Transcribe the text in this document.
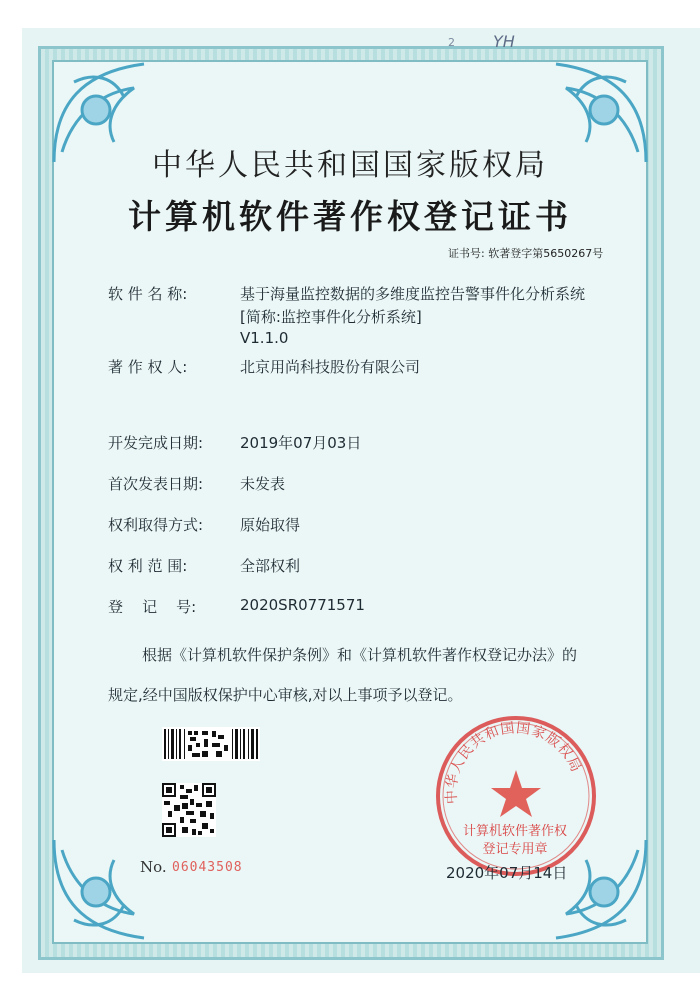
2 YH
中华人民共和国国家版权局
计算机软件著作权登记证书
证书号: 软著登字第5650267号
软 件 名 称:	基于海量监控数据的多维度监控告警事件化分析系统
[简称:监控事件化分析系统]
V1.1.0
著 作 权 人:	北京用尚科技股份有限公司
开发完成日期:	2019年07月03日
首次发表日期:	未发表
权利取得方式:	原始取得
权 利 范 围:	全部权利
登    记    号:	2020SR0771571
根据《计算机软件保护条例》和《计算机软件著作权登记办法》的
规定,经中国版权保护中心审核,对以上事项予以登记。
No. 06043508
中华人民共和国国家版权局
计算机软件著作权
登记专用章
2020年07月14日
